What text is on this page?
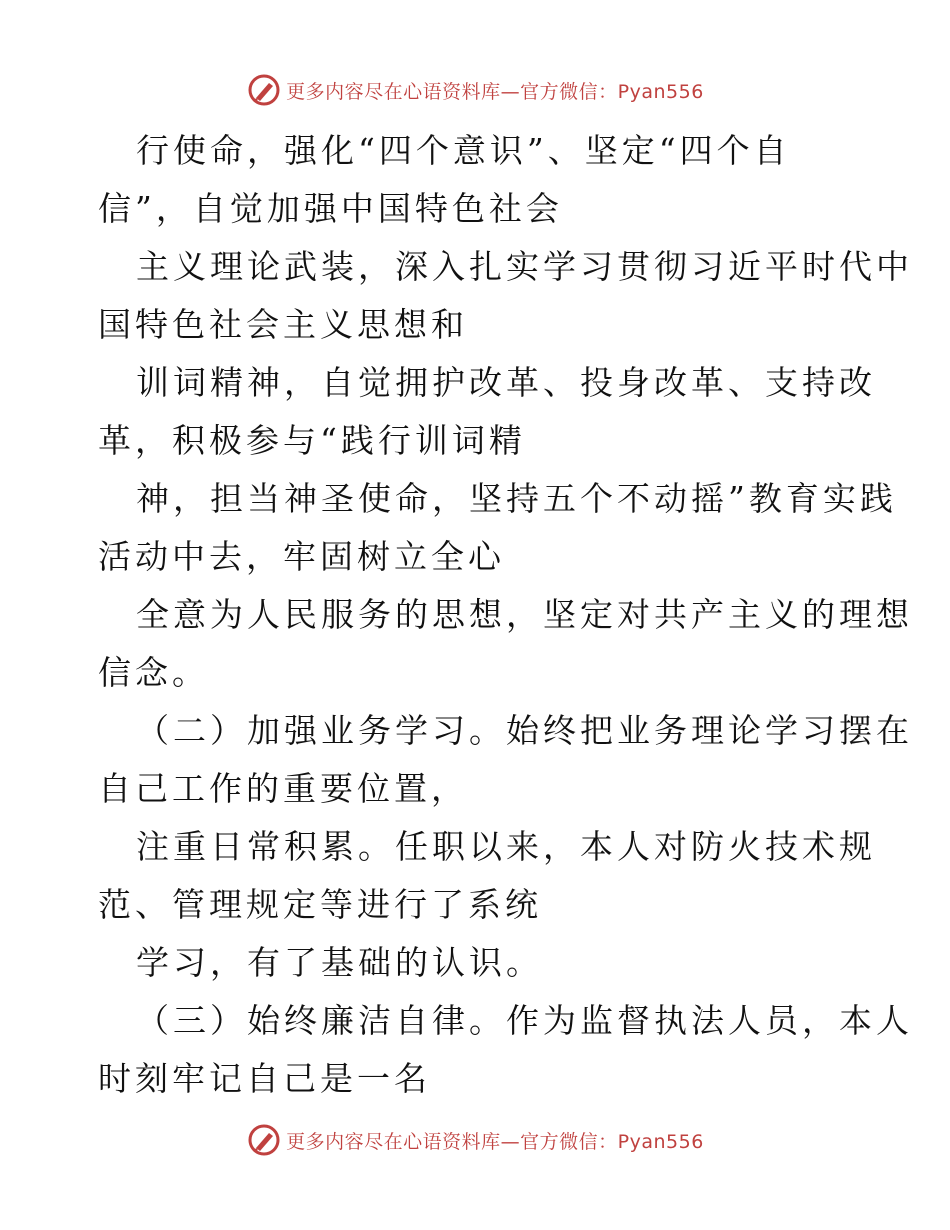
更多内容尽在心语资料库—官方微信：Pyan556
行使命，强化“四个意识”、坚定“四个自
信”，自觉加强中国特色社会
主义理论武装，深入扎实学习贯彻习近平时代中
国特色社会主义思想和
训词精神，自觉拥护改革、投身改革、支持改
革，积极参与“践行训词精
神，担当神圣使命，坚持五个不动摇”教育实践
活动中去，牢固树立全心
全意为人民服务的思想，坚定对共产主义的理想
信念。
（二）加强业务学习。始终把业务理论学习摆在
自己工作的重要位置，
注重日常积累。任职以来，本人对防火技术规
范、管理规定等进行了系统
学习，有了基础的认识。
（三）始终廉洁自律。作为监督执法人员，本人
时刻牢记自己是一名
更多内容尽在心语资料库—官方微信：Pyan556
